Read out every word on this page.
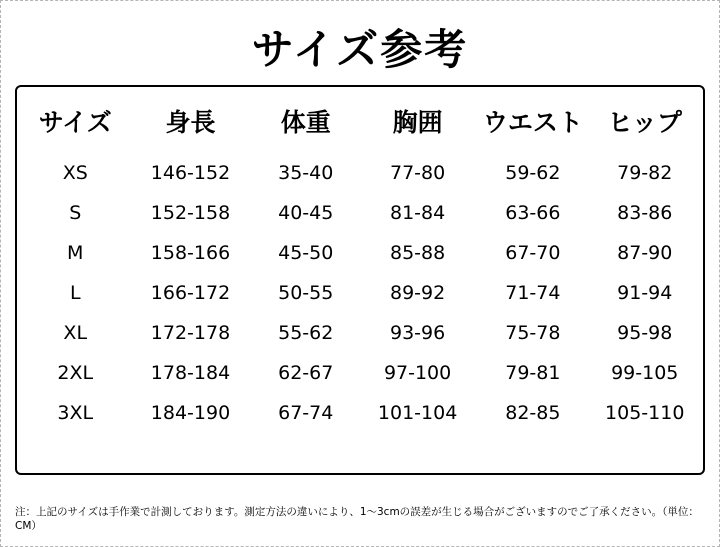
サイズ参考
サイズ	身長	体重	胸囲	ウエスト	ヒップ
XS	146-152	35-40	77-80	59-62	79-82
S	152-158	40-45	81-84	63-66	83-86
M	158-166	45-50	85-88	67-70	87-90
L	166-172	50-55	89-92	71-74	91-94
XL	172-178	55-62	93-96	75-78	95-98
2XL	178-184	62-67	97-100	79-81	99-105
3XL	184-190	67-74	101-104	82-85	105-110
注：上記のサイズは手作業で計測しております。測定方法の違いにより、1～3cmの誤差が生じる場合がございますのでご了承ください。（単位：CM）
